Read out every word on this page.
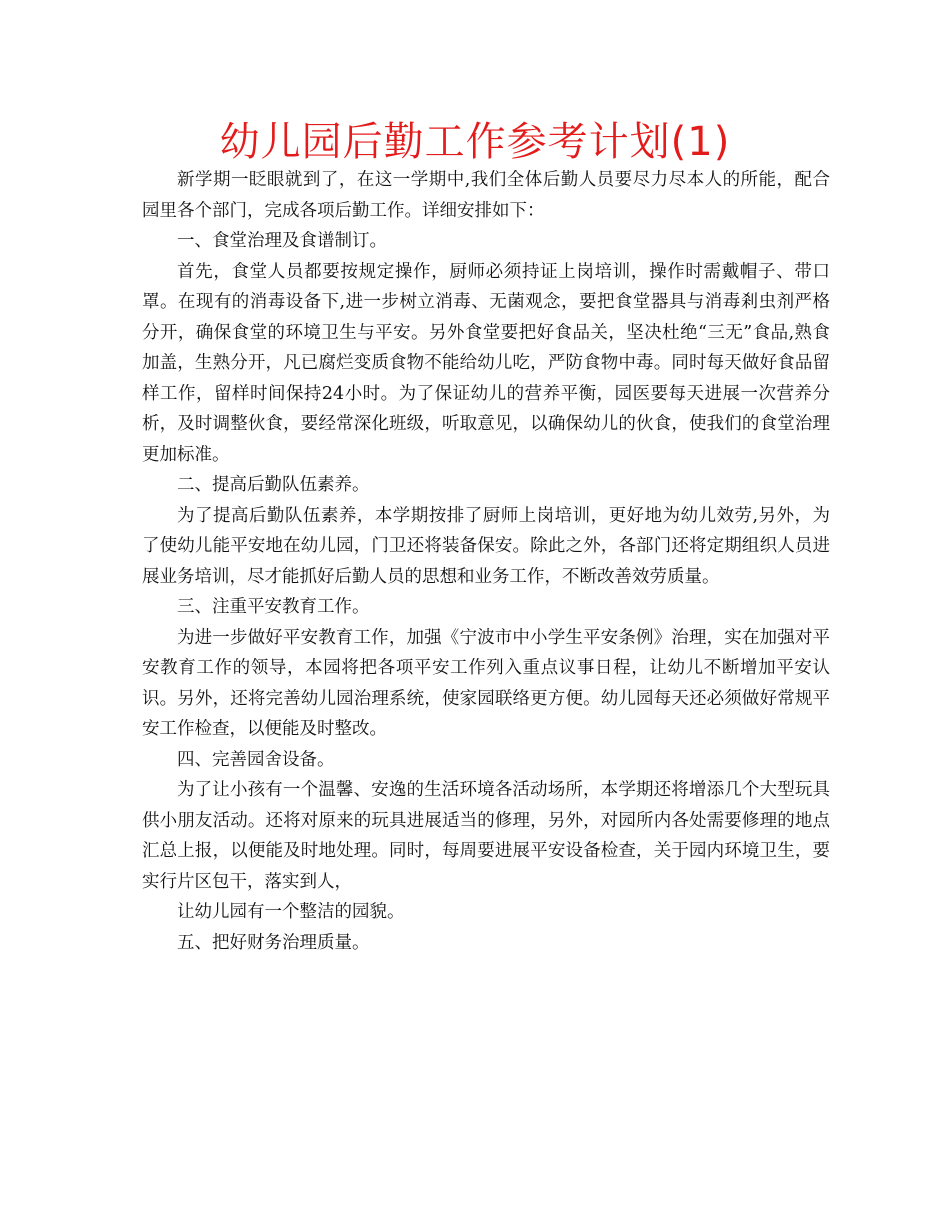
幼儿园后勤工作参考计划(1)

新学期一眨眼就到了，在这一学期中,我们全体后勤人员要尽力尽本人的所能，配合园里各个部门，完成各项后勤工作。详细安排如下：

一、食堂治理及食谱制订。

首先，食堂人员都要按规定操作，厨师必须持证上岗培训，操作时需戴帽子、带口罩。在现有的消毒设备下,进一步树立消毒、无菌观念，要把食堂器具与消毒剎虫剂严格分开，确保食堂的环境卫生与平安。另外食堂要把好食品关，坚决杜绝“三无”食品,熟食加盖，生熟分开，凡已腐烂变质食物不能给幼儿吃，严防食物中毒。同时每天做好食品留样工作，留样时间保持24小时。为了保证幼儿的营养平衡，园医要每天进展一次营养分析，及时调整伙食，要经常深化班级，听取意见，以确保幼儿的伙食，使我们的食堂治理更加标准。

二、提高后勤队伍素养。

为了提高后勤队伍素养，本学期按排了厨师上岗培训，更好地为幼儿效劳,另外，为了使幼儿能平安地在幼儿园，门卫还将装备保安。除此之外，各部门还将定期组织人员进展业务培训，尽才能抓好后勤人员的思想和业务工作，不断改善效劳质量。

三、注重平安教育工作。

为进一步做好平安教育工作，加强《宁波市中小学生平安条例》治理，实在加强对平安教育工作的领导，本园将把各项平安工作列入重点议事日程，让幼儿不断增加平安认识。另外，还将完善幼儿园治理系统，使家园联络更方便。幼儿园每天还必须做好常规平安工作检查，以便能及时整改。

四、完善园舍设备。

为了让小孩有一个温馨、安逸的生活环境各活动场所，本学期还将增添几个大型玩具供小朋友活动。还将对原来的玩具进展适当的修理，另外，对园所内各处需要修理的地点汇总上报，以便能及时地处理。同时，每周要进展平安设备检查，关于园内环境卫生，要实行片区包干，落实到人，

让幼儿园有一个整洁的园貌。

五、把好财务治理质量。
